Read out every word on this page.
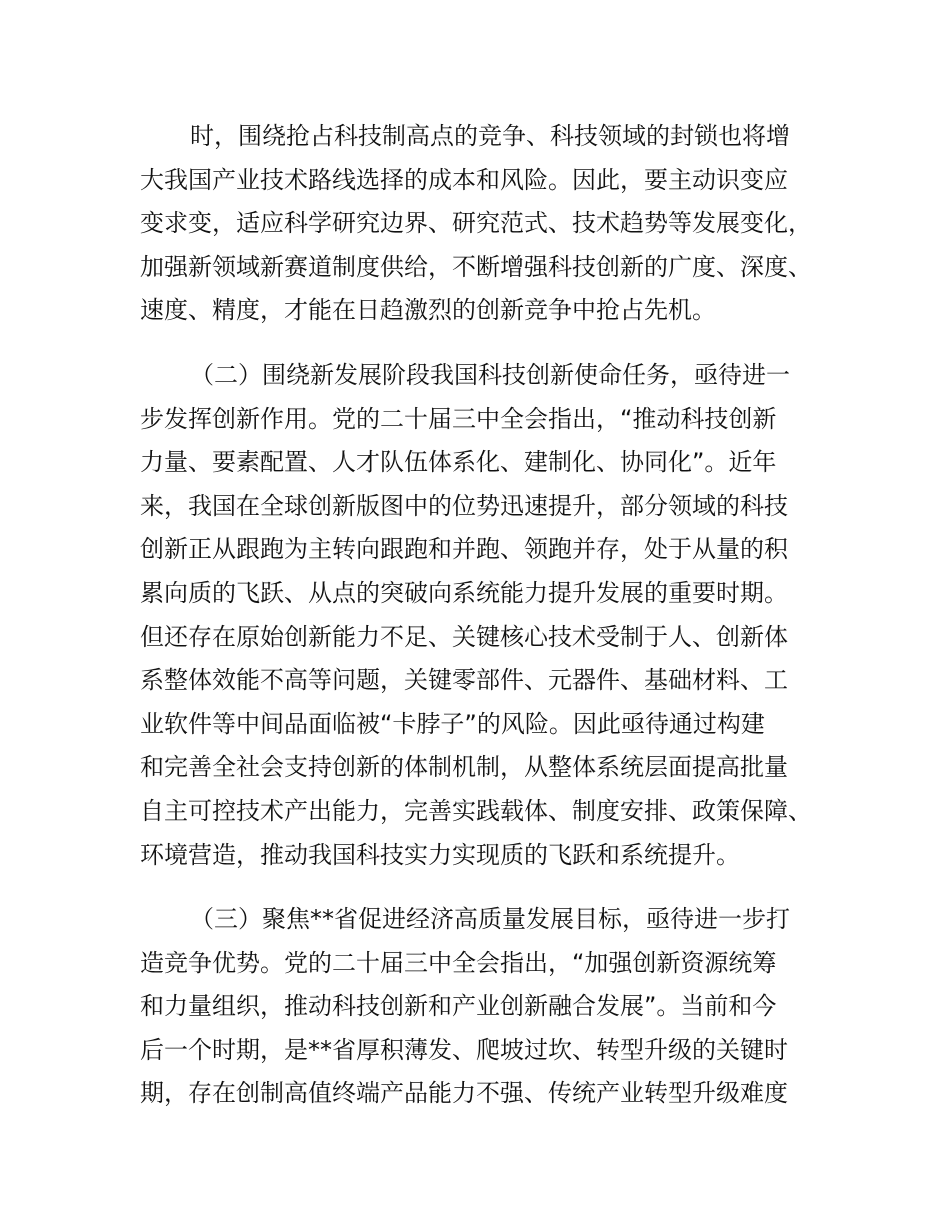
时，围绕抢占科技制高点的竞争、科技领域的封锁也将增
大我国产业技术路线选择的成本和风险。因此，要主动识变应
变求变，适应科学研究边界、研究范式、技术趋势等发展变化，
加强新领域新赛道制度供给，不断增强科技创新的广度、深度、
速度、精度，才能在日趋激烈的创新竞争中抢占先机。
（二）围绕新发展阶段我国科技创新使命任务，亟待进一
步发挥创新作用。党的二十届三中全会指出，“推动科技创新
力量、要素配置、人才队伍体系化、建制化、协同化”。近年
来，我国在全球创新版图中的位势迅速提升，部分领域的科技
创新正从跟跑为主转向跟跑和并跑、领跑并存，处于从量的积
累向质的飞跃、从点的突破向系统能力提升发展的重要时期。
但还存在原始创新能力不足、关键核心技术受制于人、创新体
系整体效能不高等问题，关键零部件、元器件、基础材料、工
业软件等中间品面临被“卡脖子”的风险。因此亟待通过构建
和完善全社会支持创新的体制机制，从整体系统层面提高批量
自主可控技术产出能力，完善实践载体、制度安排、政策保障、
环境营造，推动我国科技实力实现质的飞跃和系统提升。
（三）聚焦**省促进经济高质量发展目标，亟待进一步打
造竞争优势。党的二十届三中全会指出，“加强创新资源统筹
和力量组织，推动科技创新和产业创新融合发展”。当前和今
后一个时期，是**省厚积薄发、爬坡过坎、转型升级的关键时
期，存在创制高值终端产品能力不强、传统产业转型升级难度
